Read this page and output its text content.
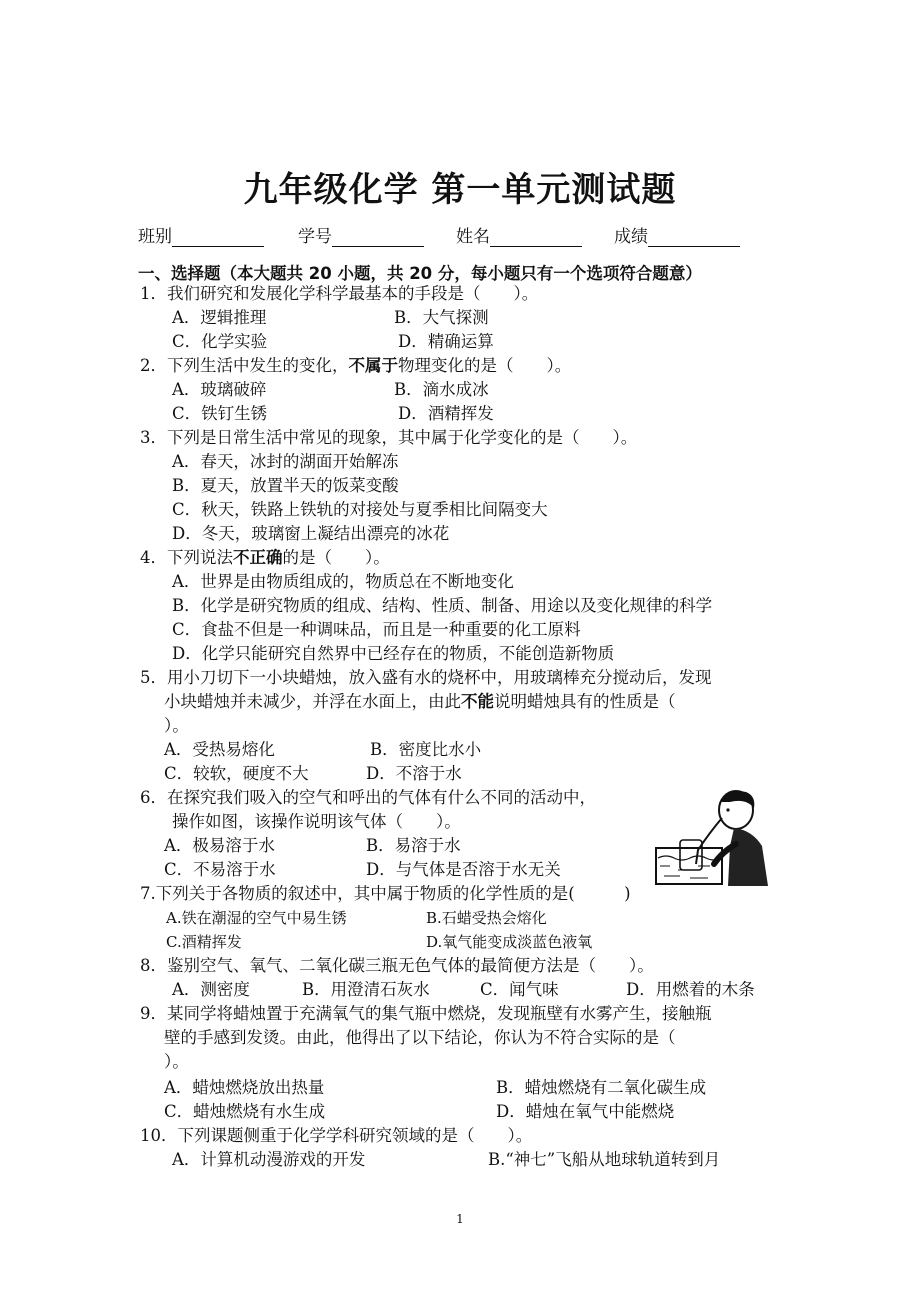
九年级化学 第一单元测试题
班别	学号	姓名	成绩
一、选择题（本大题共 20 小题，共 20 分，每小题只有一个选项符合题意）
1．我们研究和发展化学科学最基本的手段是（　　）。
A．逻辑推理	B．大气探测
C．化学实验	D．精确运算
2．下列生活中发生的变化，不属于物理变化的是（　　）。
A．玻璃破碎	B．滴水成冰
C．铁钉生锈	D．酒精挥发
3．下列是日常生活中常见的现象，其中属于化学变化的是（　　）。
A．春天，冰封的湖面开始解冻
B．夏天，放置半天的饭菜变酸
C．秋天，铁路上铁轨的对接处与夏季相比间隔变大
D．冬天，玻璃窗上凝结出漂亮的冰花
4．下列说法不正确的是（　　）。
A．世界是由物质组成的，物质总在不断地变化
B．化学是研究物质的组成、结构、性质、制备、用途以及变化规律的科学
C．食盐不但是一种调味品，而且是一种重要的化工原料
D．化学只能研究自然界中已经存在的物质，不能创造新物质
5．用小刀切下一小块蜡烛，放入盛有水的烧杯中，用玻璃棒充分搅动后，发现
小块蜡烛并未减少，并浮在水面上，由此不能说明蜡烛具有的性质是（
）。
A．受热易熔化	B．密度比水小
C．较软，硬度不大	D．不溶于水
6．在探究我们吸入的空气和呼出的气体有什么不同的活动中，
操作如图，该操作说明该气体（　　）。
A．极易溶于水	B．易溶于水
C．不易溶于水	D．与气体是否溶于水无关
7.下列关于各物质的叙述中，其中属于物质的化学性质的是(　　　)
A.铁在潮湿的空气中易生锈	B.石蜡受热会熔化
C.酒精挥发	D.氧气能变成淡蓝色液氧
8．鉴别空气、氧气、二氧化碳三瓶无色气体的最简便方法是（　　）。
A．测密度	B．用澄清石灰水	C．闻气味	D．用燃着的木条
9．某同学将蜡烛置于充满氧气的集气瓶中燃烧，发现瓶壁有水雾产生，接触瓶
壁的手感到发烫。由此，他得出了以下结论，你认为不符合实际的是（
）。
A．蜡烛燃烧放出热量	B．蜡烛燃烧有二氧化碳生成
C．蜡烛燃烧有水生成	D．蜡烛在氧气中能燃烧
10．下列课题侧重于化学学科研究领域的是（　　）。
A．计算机动漫游戏的开发	B.“神七”飞船从地球轨道转到月
1
